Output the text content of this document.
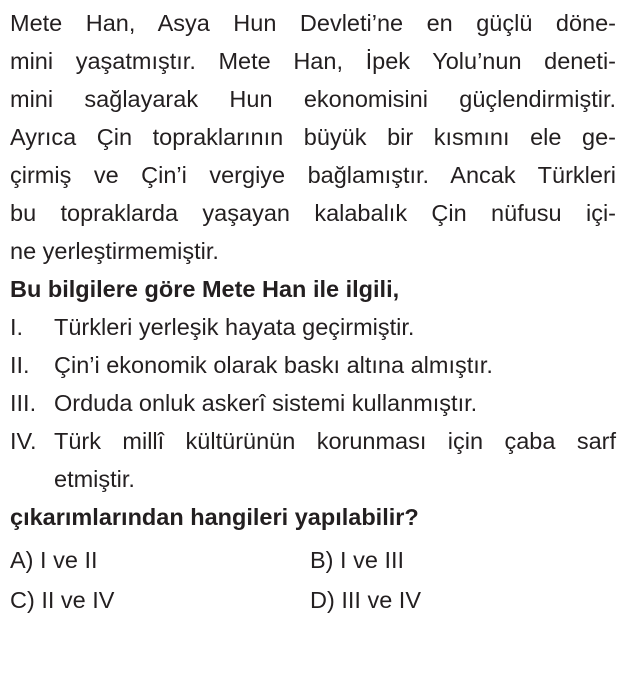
Mete Han, Asya Hun Devleti’ne en güçlü döne-
mini yaşatmıştır. Mete Han, İpek Yolu’nun deneti-
mini sağlayarak Hun ekonomisini güçlendirmiştir.
Ayrıca Çin topraklarının büyük bir kısmını ele ge-
çirmiş ve Çin’i vergiye bağlamıştır. Ancak Türkleri
bu topraklarda yaşayan kalabalık Çin nüfusu içi-
ne yerleştirmemiştir.
Bu bilgilere göre Mete Han ile ilgili,
I.	Türkleri yerleşik hayata geçirmiştir.
II.	Çin’i ekonomik olarak baskı altına almıştır.
III. Orduda onluk askerî sistemi kullanmıştır.
IV. Türk millî kültürünün korunması için çaba sarf
etmiştir.
çıkarımlarından hangileri yapılabilir?
A) I ve II	B) I ve III
C) II ve IV	D) III ve IV
